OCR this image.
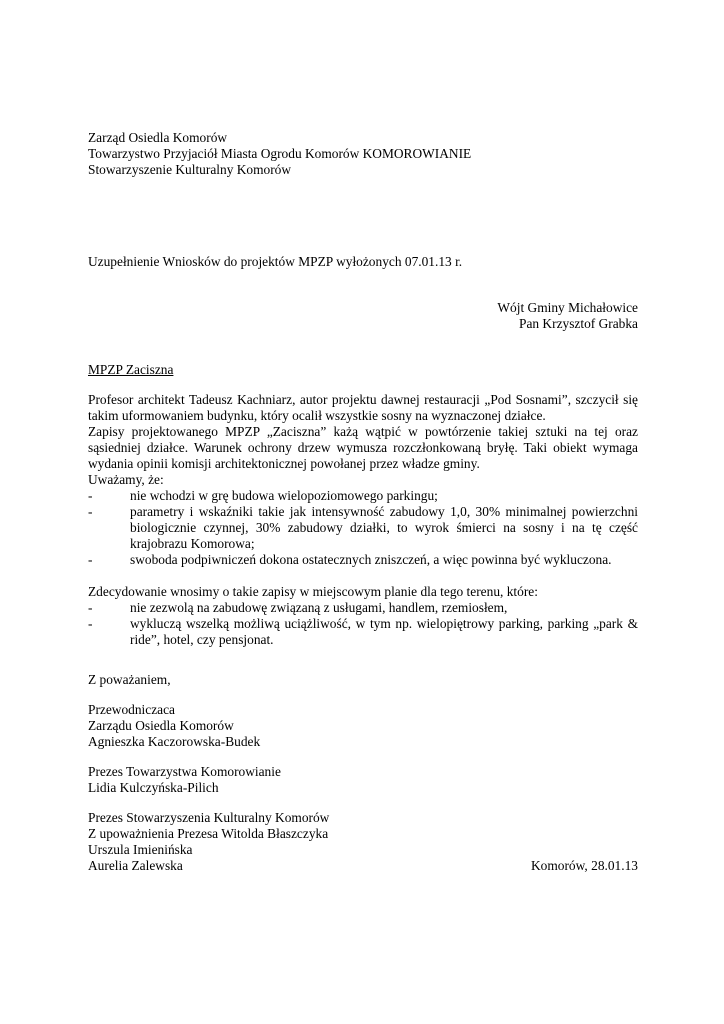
Zarząd Osiedla Komorów
Towarzystwo Przyjaciół Miasta Ogrodu Komorów KOMOROWIANIE
Stowarzyszenie Kulturalny Komorów
Uzupełnienie Wniosków do projektów MPZP wyłożonych 07.01.13 r.
Wójt Gminy Michałowice
Pan Krzysztof Grabka
MPZP Zaciszna
Profesor architekt Tadeusz Kachniarz, autor projektu dawnej restauracji „Pod Sosnami”, szczycił się
takim uformowaniem budynku, który ocalił wszystkie sosny na wyznaczonej działce.
Zapisy projektowanego MPZP „Zaciszna” każą wątpić w powtórzenie takiej sztuki na tej oraz
sąsiedniej działce. Warunek ochrony drzew wymusza rozczłonkowaną bryłę. Taki obiekt wymaga
wydania opinii komisji architektonicznej powołanej przez władze gminy.
Uważamy, że:
-	nie wchodzi w grę budowa wielopoziomowego parkingu;
-	parametry i wskaźniki takie jak intensywność zabudowy 1,0, 30% minimalnej powierzchni
biologicznie czynnej, 30% zabudowy działki, to wyrok śmierci na sosny i na tę część
krajobrazu Komorowa;
-	swoboda podpiwniczeń dokona ostatecznych zniszczeń, a więc powinna być wykluczona.
Zdecydowanie wnosimy o takie zapisy w miejscowym planie dla tego terenu, które:
-	nie zezwolą na zabudowę związaną z usługami, handlem, rzemiosłem,
-	wykluczą wszelką możliwą uciążliwość, w tym np. wielopiętrowy parking, parking „park &
ride”, hotel, czy pensjonat.
Z poważaniem,
Przewodniczaca
Zarządu Osiedla Komorów
Agnieszka Kaczorowska-Budek
Prezes Towarzystwa Komorowianie
Lidia Kulczyńska-Pilich
Prezes Stowarzyszenia Kulturalny Komorów
Z upoważnienia Prezesa Witolda Błaszczyka
Urszula Imienińska
Aurelia Zalewska	Komorów, 28.01.13
